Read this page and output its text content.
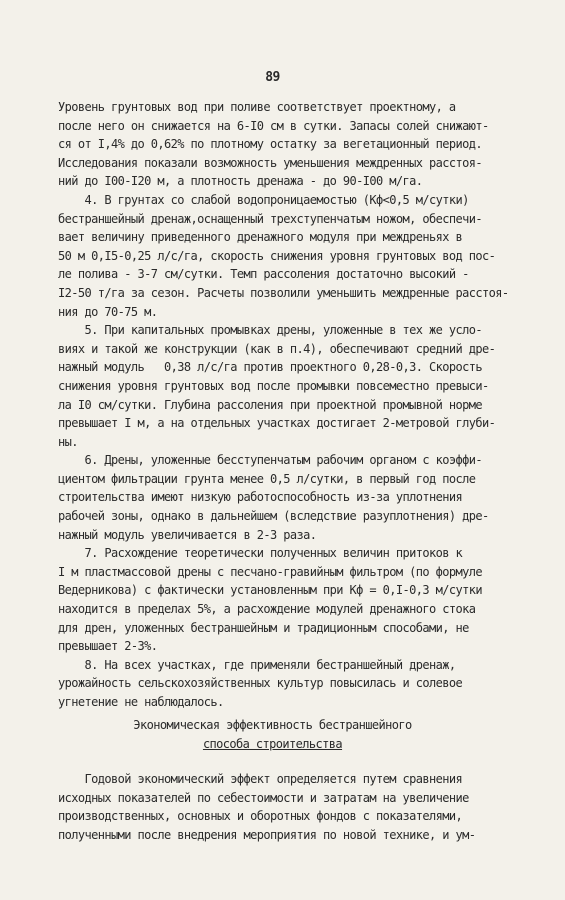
89
Уровень грунтовых вод при поливе соответствует проектному, а
после него он снижается на 6-I0 см в сутки. Запасы солей снижают-
ся от I,4% до 0,62% по плотному остатку за вегетационный период.
Исследования показали возможность уменьшения междренных расстоя-
ний до I00-I20 м, а плотность дренажа - до 90-I00 м/га.
4. В грунтах со слабой водопроницаемостью (Кф<0,5 м/сутки)
бестраншейный дренаж,оснащенный трехступенчатым ножом, обеспечи-
вает величину приведенного дренажного модуля при междреньях в
50 м 0,I5-0,25 л/с/га, скорость снижения уровня грунтовых вод пос-
ле полива - 3-7 см/сутки. Темп рассоления достаточно высокий -
I2-50 т/га за сезон. Расчеты позволили уменьшить междренные расстоя-
ния до 70-75 м.
5. При капитальных промывках дрены, уложенные в тех же усло-
виях и такой же конструкции (как в п.4), обеспечивают средний дре-
нажный модуль   0,38 л/с/га против проектного 0,28-0,3. Скорость
снижения уровня грунтовых вод после промывки повсеместно превыси-
ла I0 см/сутки. Глубина рассоления при проектной промывной норме
превышает I м, а на отдельных участках достигает 2-метровой глуби-
ны.
6. Дрены, уложенные бесступенчатым рабочим органом с коэффи-
циентом фильтрации грунта менее 0,5 л/сутки, в первый год после
строительства имеют низкую работоспособность из-за уплотнения
рабочей зоны, однако в дальнейшем (вследствие разуплотнения) дре-
нажный модуль увеличивается в 2-3 раза.
7. Расхождение теоретически полученных величин притоков к
I м пластмассовой дрены с песчано-гравийным фильтром (по формуле
Ведерникова) с фактически установленным при Кф = 0,I-0,3 м/сутки
находится в пределах 5%, а расхождение модулей дренажного стока
для дрен, уложенных бестраншейным и традиционным способами, не
превышает 2-3%.
8. На всех участках, где применяли бестраншейный дренаж,
урожайность сельскохозяйственных культур повысилась и солевое
угнетение не наблюдалось.
Экономическая эффективность бестраншейного
способа строительства
Годовой экономический эффект определяется путем сравнения
исходных показателей по себестоимости и затратам на увеличение
производственных, основных и оборотных фондов с показателями,
полученными после внедрения мероприятия по новой технике, и ум-
